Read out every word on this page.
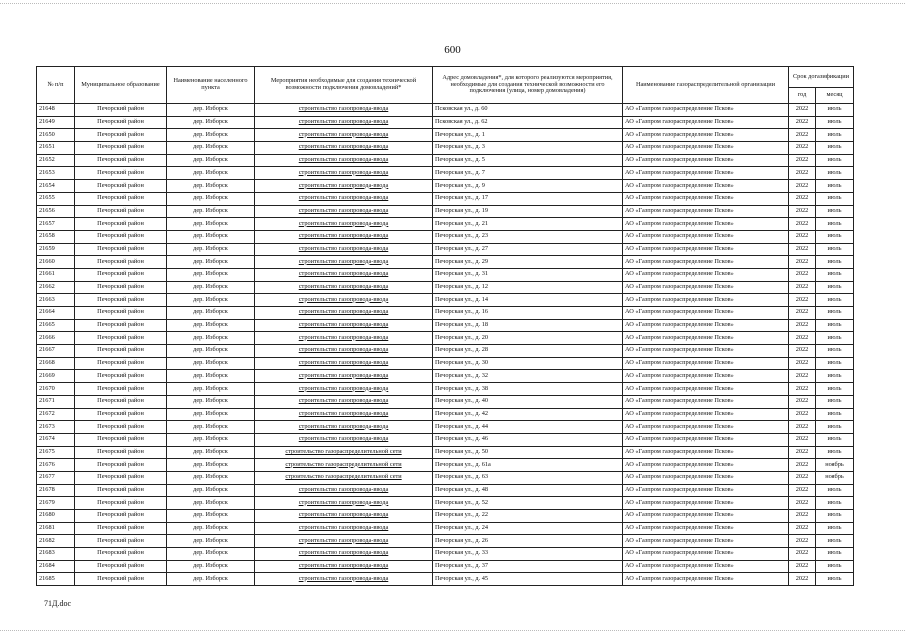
600
№ п/п	Муниципальное образование	Наименование населенного пункта	Мероприятия необходимые для создания технической возможности подключения домовладений*	Адрес домовладения*, для которого реализуются мероприятия, необходимые для создания технической возможности его подключения (улица, номер домовладения)	Наименование газораспределительной организации	Срок догазификации	
						год	месяц
21648	Печорский район	дер. Изборск	строительство газопровода-ввода	Псковская ул., д. 60	АО «Газпром газораспределение Псков»	2022	июль
21649	Печорский район	дер. Изборск	строительство газопровода-ввода	Псковская ул., д. 62	АО «Газпром газораспределение Псков»	2022	июль
21650	Печорский район	дер. Изборск	строительство газопровода-ввода	Печорская ул., д. 1	АО «Газпром газораспределение Псков»	2022	июль
21651	Печорский район	дер. Изборск	строительство газопровода-ввода	Печорская ул., д. 3	АО «Газпром газораспределение Псков»	2022	июль
21652	Печорский район	дер. Изборск	строительство газопровода-ввода	Печорская ул., д. 5	АО «Газпром газораспределение Псков»	2022	июль
21653	Печорский район	дер. Изборск	строительство газопровода-ввода	Печорская ул., д. 7	АО «Газпром газораспределение Псков»	2022	июль
21654	Печорский район	дер. Изборск	строительство газопровода-ввода	Печорская ул., д. 9	АО «Газпром газораспределение Псков»	2022	июль
21655	Печорский район	дер. Изборск	строительство газопровода-ввода	Печорская ул., д. 17	АО «Газпром газораспределение Псков»	2022	июль
21656	Печорский район	дер. Изборск	строительство газопровода-ввода	Печорская ул., д. 19	АО «Газпром газораспределение Псков»	2022	июль
21657	Печорский район	дер. Изборск	строительство газопровода-ввода	Печорская ул., д. 21	АО «Газпром газораспределение Псков»	2022	июль
21658	Печорский район	дер. Изборск	строительство газопровода-ввода	Печорская ул., д. 23	АО «Газпром газораспределение Псков»	2022	июль
21659	Печорский район	дер. Изборск	строительство газопровода-ввода	Печорская ул., д. 27	АО «Газпром газораспределение Псков»	2022	июль
21660	Печорский район	дер. Изборск	строительство газопровода-ввода	Печорская ул., д. 29	АО «Газпром газораспределение Псков»	2022	июль
21661	Печорский район	дер. Изборск	строительство газопровода-ввода	Печорская ул., д. 31	АО «Газпром газораспределение Псков»	2022	июль
21662	Печорский район	дер. Изборск	строительство газопровода-ввода	Печорская ул., д. 12	АО «Газпром газораспределение Псков»	2022	июль
21663	Печорский район	дер. Изборск	строительство газопровода-ввода	Печорская ул., д. 14	АО «Газпром газораспределение Псков»	2022	июль
21664	Печорский район	дер. Изборск	строительство газопровода-ввода	Печорская ул., д. 16	АО «Газпром газораспределение Псков»	2022	июль
21665	Печорский район	дер. Изборск	строительство газопровода-ввода	Печорская ул., д. 18	АО «Газпром газораспределение Псков»	2022	июль
21666	Печорский район	дер. Изборск	строительство газопровода-ввода	Печорская ул., д. 20	АО «Газпром газораспределение Псков»	2022	июль
21667	Печорский район	дер. Изборск	строительство газопровода-ввода	Печорская ул., д. 28	АО «Газпром газораспределение Псков»	2022	июль
21668	Печорский район	дер. Изборск	строительство газопровода-ввода	Печорская ул., д. 30	АО «Газпром газораспределение Псков»	2022	июль
21669	Печорский район	дер. Изборск	строительство газопровода-ввода	Печорская ул., д. 32	АО «Газпром газораспределение Псков»	2022	июль
21670	Печорский район	дер. Изборск	строительство газопровода-ввода	Печорская ул., д. 38	АО «Газпром газораспределение Псков»	2022	июль
21671	Печорский район	дер. Изборск	строительство газопровода-ввода	Печорская ул., д. 40	АО «Газпром газораспределение Псков»	2022	июль
21672	Печорский район	дер. Изборск	строительство газопровода-ввода	Печорская ул., д. 42	АО «Газпром газораспределение Псков»	2022	июль
21673	Печорский район	дер. Изборск	строительство газопровода-ввода	Печорская ул., д. 44	АО «Газпром газораспределение Псков»	2022	июль
21674	Печорский район	дер. Изборск	строительство газопровода-ввода	Печорская ул., д. 46	АО «Газпром газораспределение Псков»	2022	июль
21675	Печорский район	дер. Изборск	строительство газораспределительной сети	Печорская ул., д. 50	АО «Газпром газораспределение Псков»	2022	июль
21676	Печорский район	дер. Изборск	строительство газораспределительной сети	Печорская ул., д. 61а	АО «Газпром газораспределение Псков»	2022	ноябрь
21677	Печорский район	дер. Изборск	строительство газораспределительной сети	Печорская ул., д. 63	АО «Газпром газораспределение Псков»	2022	ноябрь
21678	Печорский район	дер. Изборск	строительство газопровода-ввода	Печорская ул., д. 48	АО «Газпром газораспределение Псков»	2022	июль
21679	Печорский район	дер. Изборск	строительство газопровода-ввода	Печорская ул., д. 52	АО «Газпром газораспределение Псков»	2022	июль
21680	Печорский район	дер. Изборск	строительство газопровода-ввода	Печорская ул., д. 22	АО «Газпром газораспределение Псков»	2022	июль
21681	Печорский район	дер. Изборск	строительство газопровода-ввода	Печорская ул., д. 24	АО «Газпром газораспределение Псков»	2022	июль
21682	Печорский район	дер. Изборск	строительство газопровода-ввода	Печорская ул., д. 26	АО «Газпром газораспределение Псков»	2022	июль
21683	Печорский район	дер. Изборск	строительство газопровода-ввода	Печорская ул., д. 33	АО «Газпром газораспределение Псков»	2022	июль
21684	Печорский район	дер. Изборск	строительство газопровода-ввода	Печорская ул., д. 37	АО «Газпром газораспределение Псков»	2022	июль
21685	Печорский район	дер. Изборск	строительство газопровода-ввода	Печорская ул., д. 45	АО «Газпром газораспределение Псков»	2022	июль
71Д.doc
